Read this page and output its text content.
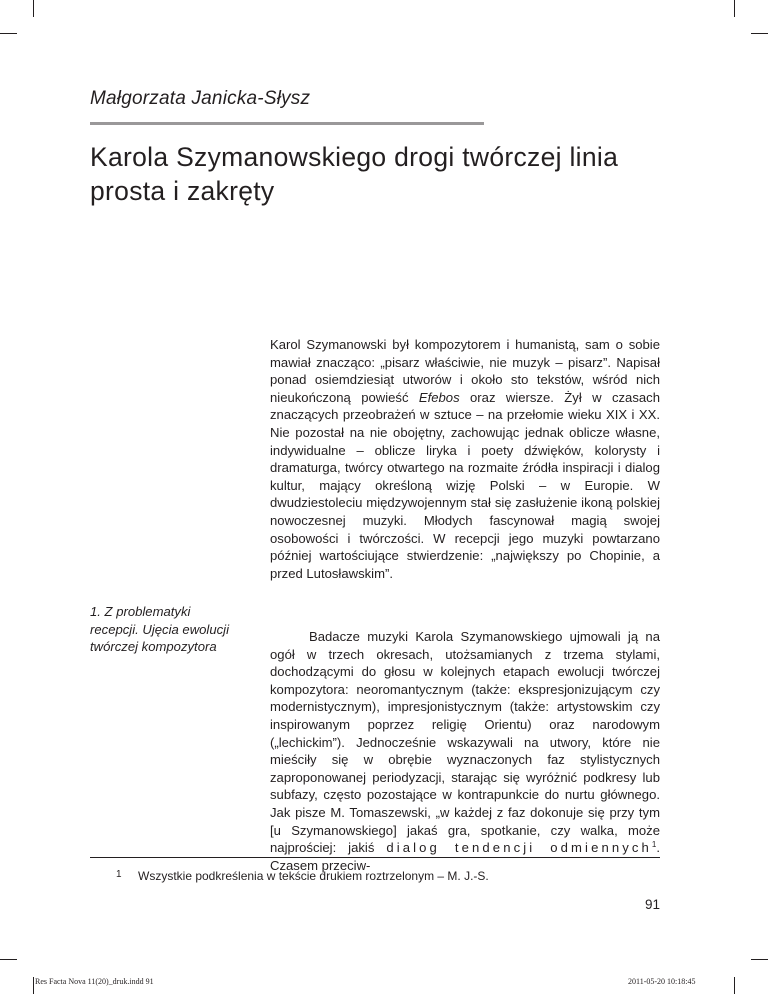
Małgorzata Janicka-Słysz
Karola Szymanowskiego drogi twórczej linia prosta i zakręty
Karol Szymanowski był kompozytorem i humanistą, sam o sobie mawiał znacząco: „pisarz właściwie, nie muzyk – pisarz”. Napisał ponad osiemdziesiąt utworów i około sto tekstów, wśród nich nieukończoną powieść Efebos oraz wiersze. Żył w czasach znaczących przeobrażeń w sztuce – na przełomie wieku XIX i XX. Nie pozostał na nie obojętny, zachowując jednak oblicze własne, indywidualne – oblicze liryka i poety dźwięków, kolorysty i dramaturga, twórcy otwartego na rozmaite źródła inspiracji i dialog kultur, mający określoną wizję Polski – w Europie. W dwudziestoleciu międzywojennym stał się zasłużenie ikoną polskiej nowoczesnej muzyki. Młodych fascynował magią swojej osobowości i twórczości. W recepcji jego muzyki powtarzano później wartościujące stwierdzenie: „największy po Chopinie, a przed Lutosławskim”.
1. Z problematyki recepcji. Ujęcia ewolucji twórczej kompozytora
Badacze muzyki Karola Szymanowskiego ujmowali ją na ogół w trzech okresach, utożsamianych z trzema stylami, dochodzącymi do głosu w kolejnych etapach ewolucji twórczej kompozytora: neoromantycznym (także: ekspresjonizującym czy modernistycznym), impresjonistycznym (także: artystowskim czy inspirowanym poprzez religię Orientu) oraz narodowym („lechickim”). Jednocześnie wskazywali na utwory, które nie mieściły się w obrębie wyznaczonych faz stylistycznych zaproponowanej periodyzacji, starając się wyróżnić podkresy lub subfazy, często pozostające w kontrapunkcie do nurtu głównego. Jak pisze M. Tomaszewski, „w każdej z faz dokonuje się przy tym [u Szymanowskiego] jakaś gra, spotkanie, czy walka, może najprościej: jakiś dialog tendencji odmiennych$^1$. Czasem przeciw-
1 Wszystkie podkreślenia w tekście drukiem roztrzelonym – M. J.-S.
91
Res Facta Nova 11(20)_druk.indd 91	2011-05-20 10:18:45
